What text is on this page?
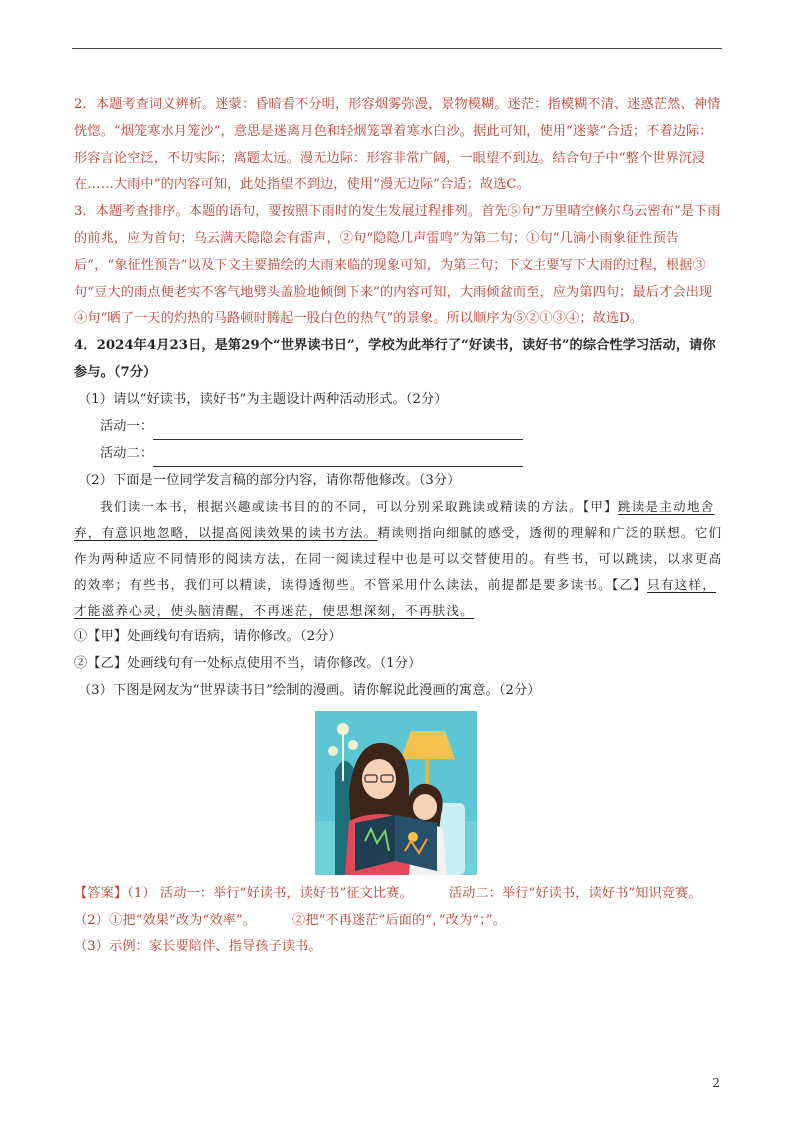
2．本题考查词义辨析。迷蒙：昏暗看不分明，形容烟雾弥漫，景物模糊。迷茫：指模糊不清、迷惑茫然、神情恍惚。“烟笼寒水月笼沙”，意思是迷离月色和轻烟笼罩着寒水白沙。据此可知，使用“迷蒙”合适；不着边际：形容言论空泛，不切实际；离题太远。漫无边际：形容非常广阔，一眼望不到边。结合句子中“整个世界沉浸在……大雨中”的内容可知，此处指望不到边，使用“漫无边际”合适；故选C。

3．本题考查排序。本题的语句，要按照下雨时的发生发展过程排列。首先⑤句“万里晴空倏尔乌云密布”是下雨的前兆，应为首句；乌云满天隐隐会有雷声，②句“隐隐几声雷鸣”为第二句；①句“几滴小雨象征性预告后”，“象征性预告”以及下文主要描绘的大雨来临的现象可知，为第三句；下文主要写下大雨的过程，根据③句“豆大的雨点便老实不客气地劈头盖脸地倾倒下来”的内容可知，大雨倾盆而至，应为第四句；最后才会出现④句“晒了一天的灼热的马路顿时腾起一股白色的热气”的景象。所以顺序为⑤②①③④；故选D。

4．2024年4月23日，是第29个“世界读书日”，学校为此举行了“好读书，读好书”的综合性学习活动，请你参与。（7分）

（1）请以“好读书，读好书”为主题设计两种活动形式。（2分）

活动一：
活动二：

（2）下面是一位同学发言稿的部分内容，请你帮他修改。（3分）

我们读一本书，根据兴趣或读书目的的不同，可以分别采取跳读或精读的方法。【甲】跳读是主动地舍弃，有意识地忽略，以提高阅读效果的读书方法。精读则指向细腻的感受，透彻的理解和广泛的联想。它们作为两种适应不同情形的阅读方法，在同一阅读过程中也是可以交替使用的。有些书，可以跳读，以求更高的效率；有些书，我们可以精读，读得透彻些。不管采用什么读法，前提都是要多读书。【乙】只有这样，才能滋养心灵，使头脑清醒，不再迷茫，使思想深刻，不再肤浅。

①【甲】处画线句有语病，请你修改。（2分）

②【乙】处画线句有一处标点使用不当，请你修改。（1分）

（3）下图是网友为“世界读书日”绘制的漫画。请你解说此漫画的寓意。（2分）

【答案】（1） 活动一：举行“好读书，读好书”征文比赛。	活动二：举行“好读书，读好书”知识竞赛。

（2）①把“效果”改为“效率”。	②把“不再迷茫”后面的“，”改为“；”。

（3）示例：家长要陪伴、指导孩子读书。

2
